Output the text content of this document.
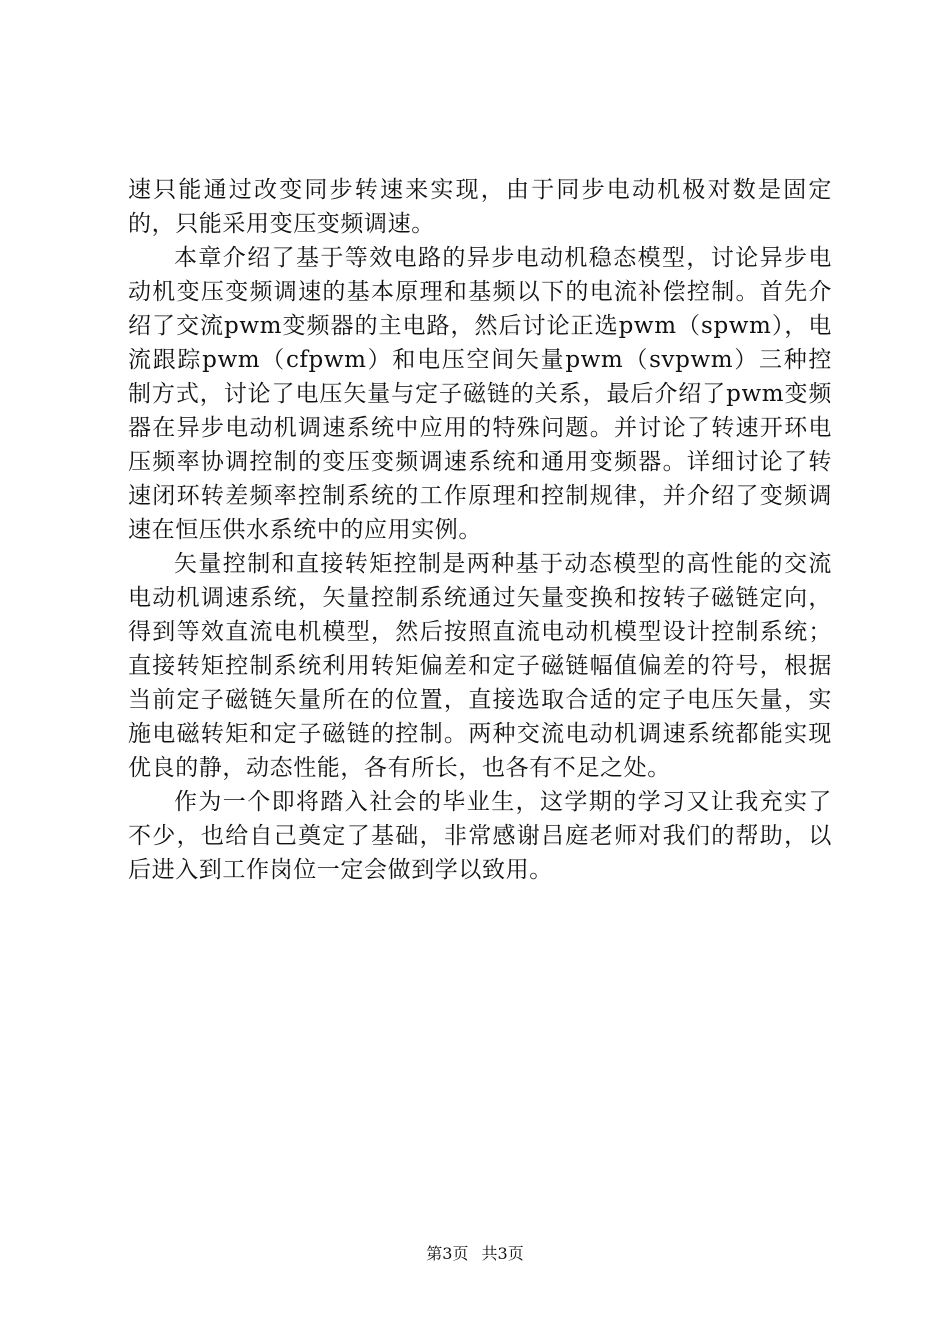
速只能通过改变同步转速来实现，由于同步电动机极对数是固定的，只能采用变压变频调速。

本章介绍了基于等效电路的异步电动机稳态模型，讨论异步电动机变压变频调速的基本原理和基频以下的电流补偿控制。首先介绍了交流pwm变频器的主电路，然后讨论正选pwm（spwm），电流跟踪pwm（cfpwm）和电压空间矢量pwm（svpwm）三种控制方式，讨论了电压矢量与定子磁链的关系，最后介绍了pwm变频器在异步电动机调速系统中应用的特殊问题。并讨论了转速开环电压频率协调控制的变压变频调速系统和通用变频器。详细讨论了转速闭环转差频率控制系统的工作原理和控制规律，并介绍了变频调速在恒压供水系统中的应用实例。

矢量控制和直接转矩控制是两种基于动态模型的高性能的交流电动机调速系统，矢量控制系统通过矢量变换和按转子磁链定向，得到等效直流电机模型，然后按照直流电动机模型设计控制系统；直接转矩控制系统利用转矩偏差和定子磁链幅值偏差的符号，根据当前定子磁链矢量所在的位置，直接选取合适的定子电压矢量，实施电磁转矩和定子磁链的控制。两种交流电动机调速系统都能实现优良的静，动态性能，各有所长，也各有不足之处。

作为一个即将踏入社会的毕业生，这学期的学习又让我充实了不少，也给自己奠定了基础，非常感谢吕庭老师对我们的帮助，以后进入到工作岗位一定会做到学以致用。

第3页 共3页
